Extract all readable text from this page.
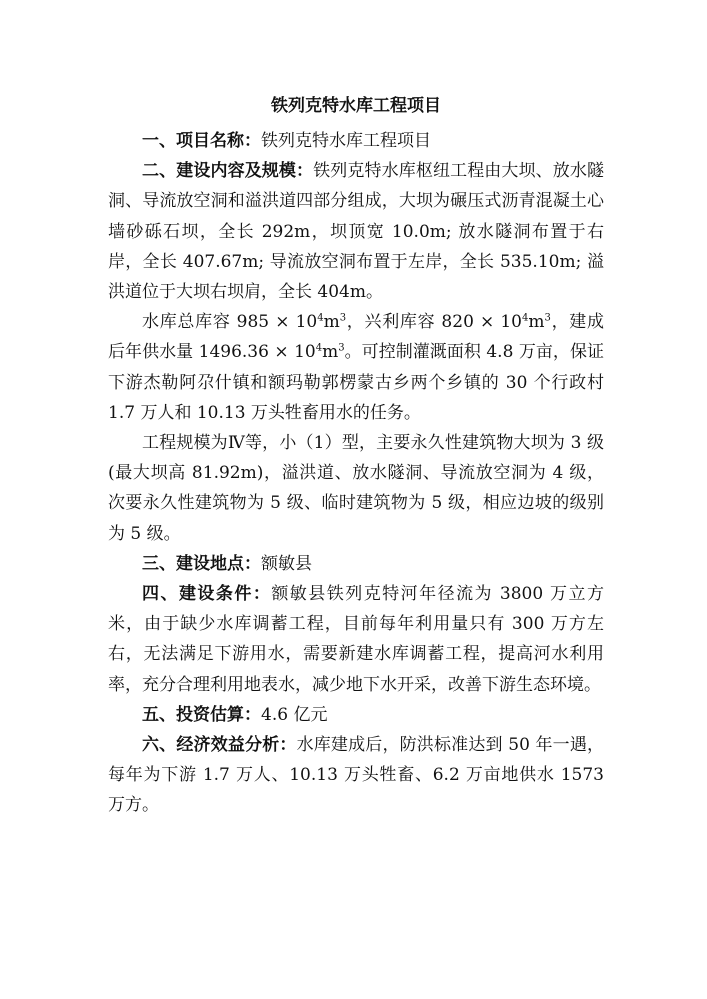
铁列克特水库工程项目

一、项目名称：铁列克特水库工程项目

二、建设内容及规模：铁列克特水库枢纽工程由大坝、放水隧洞、导流放空洞和溢洪道四部分组成，大坝为碾压式沥青混凝土心墙砂砾石坝，全长 292m，坝顶宽 10.0m; 放水隧洞布置于右岸，全长 407.67m; 导流放空洞布置于左岸，全长 535.10m; 溢洪道位于大坝右坝肩，全长 404m。

水库总库容 $985 \times 10^4m^3$，兴利库容 $820 \times 10^4m^3$，建成后年供水量 $1496.36 \times 10^4m^3$。可控制灌溉面积 4.8 万亩，保证下游杰勒阿尕什镇和额玛勒郭楞蒙古乡两个乡镇的 30 个行政村 1.7 万人和 10.13 万头牲畜用水的任务。

工程规模为Ⅳ等，小（1）型，主要永久性建筑物大坝为 3 级(最大坝高 81.92m)，溢洪道、放水隧洞、导流放空洞为 4 级，次要永久性建筑物为 5 级、临时建筑物为 5 级，相应边坡的级别为 5 级。

三、建设地点：额敏县

四、建设条件：额敏县铁列克特河年径流为 3800 万立方米，由于缺少水库调蓄工程，目前每年利用量只有 300 万方左右，无法满足下游用水，需要新建水库调蓄工程，提高河水利用率，充分合理利用地表水，减少地下水开采，改善下游生态环境。

五、投资估算：4.6 亿元

六、经济效益分析：水库建成后，防洪标准达到 50 年一遇，每年为下游 1.7 万人、10.13 万头牲畜、6.2 万亩地供水 1573 万方。
